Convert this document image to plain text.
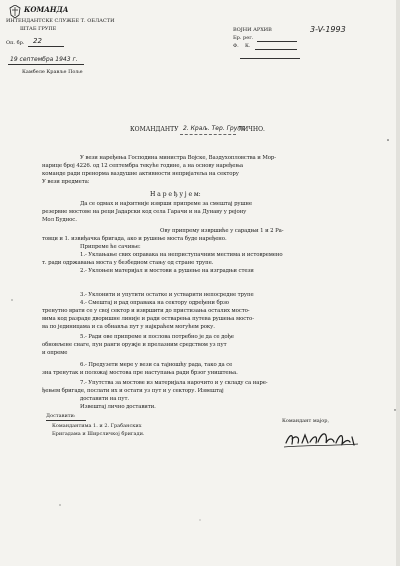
КОМАНДА
ИНТЕНДАНТСКЕ СЛУЖБЕ Т. ОБЛАСТИ
ШТАБ ГРУПЕ
Оп. бр. 22
19 септембра 1943 г.
Камбеле Кравље Поље
ВОЈНИ АРХИВ
Бр. рег.
Ф. К.
3-V-1993
КОМАНДАНТУ 2. Краљ. Тер. Групе
ЛИЧНО.
У вези наређења Господина министра Војске, Ваздухопловства и Мор-
нарице број 4226. од 12 септембра текуће године, а на основу наређења
команде ради пренорма ваздушне активности непријатеља на сектору
У вези предмета:
Н а р е ђ у ј е м:
Да се одмах и најхитније изврши припреме за смештај рушне
резервне мостове на реци Јадарски код села Гарачи и на Дунаву у рејону
Мол Буднос.
Ову припрему извршиће у сарадњи 1 и 2 Ра-
товци и 1. извиђачка бригада, ако и рушење моста буде наређено.
Припреме ће сачиње:
1.- Уклањање свих оправака на неприступачним местима и истовремено
т. ради одржавања моста у безбедном стању од стране трупе.
2.- Уклоњен материјал и мостови а рушење на изградњи стези
3.- Уклонити и упутити остатке и устварити непосредне трупе
4.- Смештај и рад оправака на сектору одређени брзо
тренутно врати се у свој сектор и извршити до пристизања осталих мосто-
вима код разраде дворишне линије и ради остварења путева рушења мосто-
ва по јединицама и са обнавља пут у најкраћем могућем року.
5.- Ради ове припреме и послова потребно је да се дође
обновљене снаге, пун ранги оружје и прелазним средством уз пут
и опреме
6.- Предузети мере у вези са тајношћу рада, тако да се
зна тренутак и положај мостова пре наступања ради брзог уништења.
7.- Упутства за мостове из материјала нарочито и у складу са наре-
ђењем бригаде, послати их и остати уз пут и у сектору. Извештај
доставити на пут.
Извештај лично доставити.
Доставити:
Командантима 1. и 2. Грабанских
Бригадама и Ширсличкој бригади.
Командант мајор,
